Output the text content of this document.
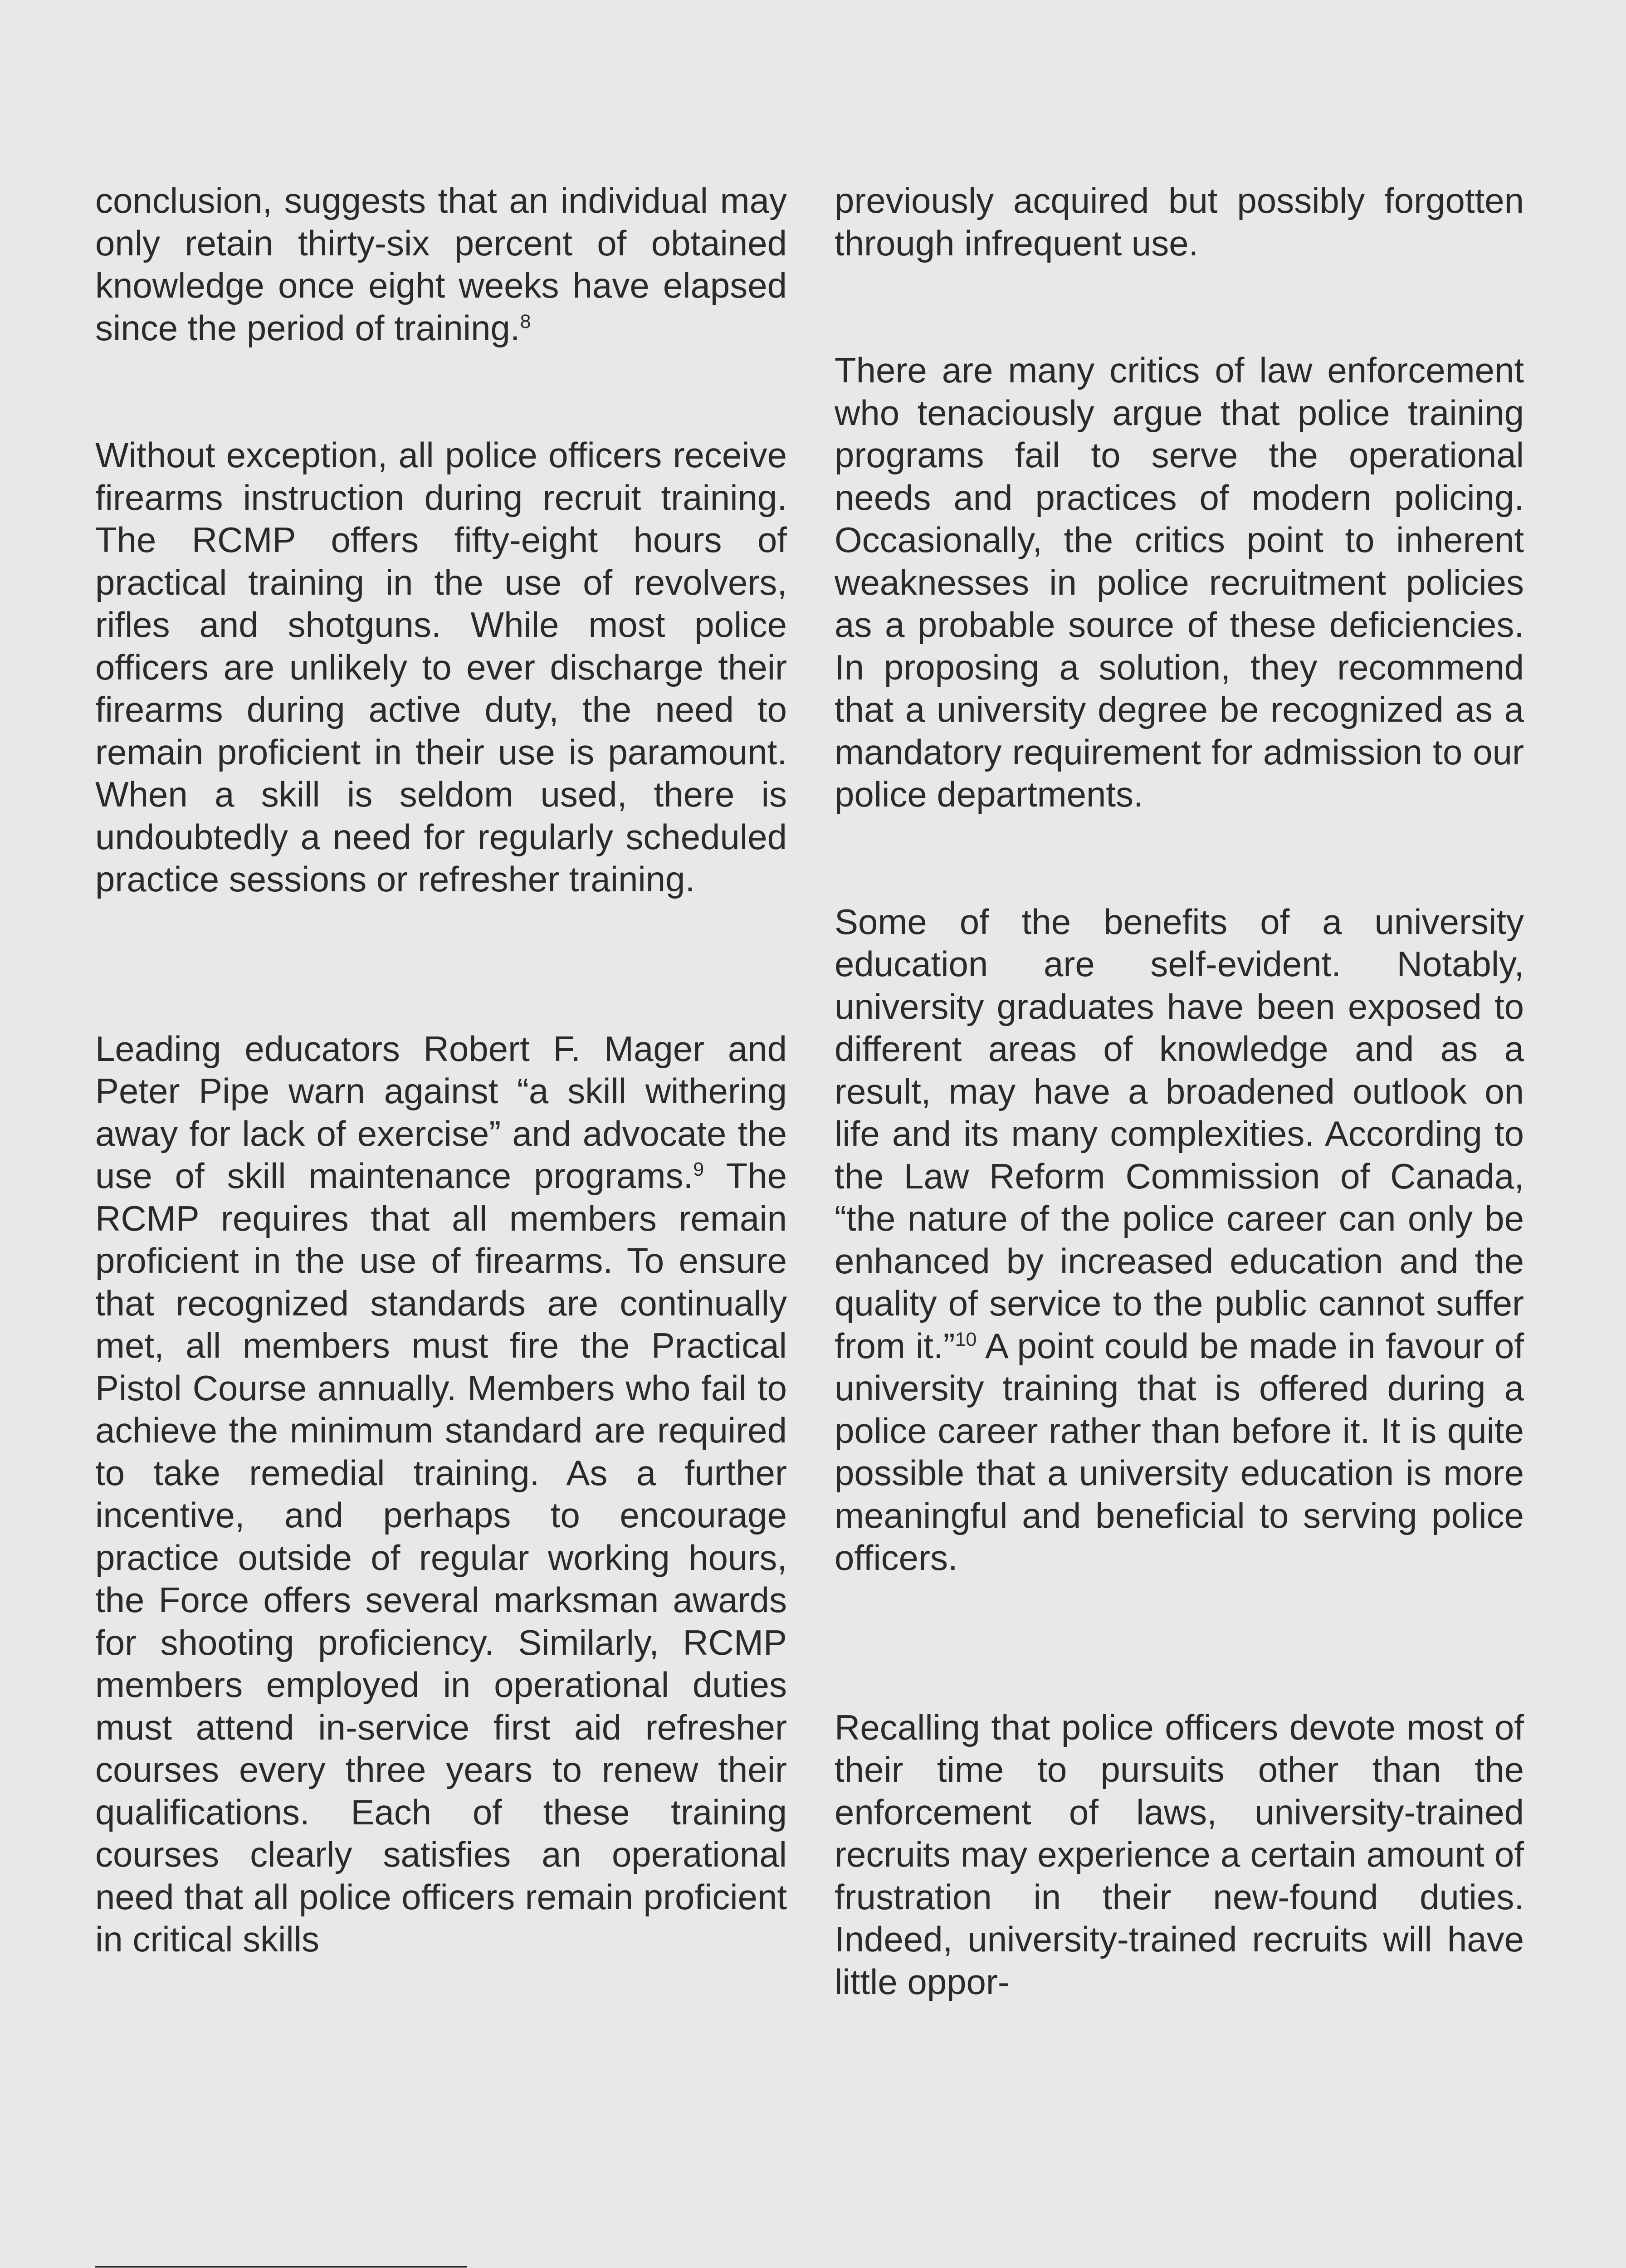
conclusion, suggests that an individual may only retain thirty-six percent of obtained knowledge once eight weeks have elapsed since the period of training.$^8$

Without exception, all police officers receive firearms instruction during recruit training. The RCMP offers fifty-eight hours of practical training in the use of revolvers, rifles and shotguns. While most police officers are unlikely to ever discharge their firearms during active duty, the need to remain proficient in their use is paramount. When a skill is seldom used, there is undoubtedly a need for regularly scheduled practice sessions or refresher training.

Leading educators Robert F. Mager and Peter Pipe warn against “a skill withering away for lack of exercise” and advocate the use of skill maintenance programs.$^9$ The RCMP requires that all members remain proficient in the use of firearms. To ensure that recognized standards are continually met, all members must fire the Practical Pistol Course annually. Members who fail to achieve the minimum standard are required to take remedial training. As a further incentive, and perhaps to encourage practice outside of regular working hours, the Force offers several marksman awards for shooting proficiency. Similarly, RCMP members employed in operational duties must attend in-service first aid refresher courses every three years to renew their qualifications. Each of these training courses clearly satisfies an operational need that all police officers remain proficient in critical skills

previously acquired but possibly forgotten through infrequent use.

There are many critics of law enforcement who tenaciously argue that police training programs fail to serve the operational needs and practices of modern policing. Occasionally, the critics point to inherent weaknesses in police recruitment policies as a probable source of these deficiencies. In proposing a solution, they recommend that a university degree be recognized as a mandatory requirement for admission to our police departments.

Some of the benefits of a university education are self-evident. Notably, university graduates have been exposed to different areas of knowledge and as a result, may have a broadened outlook on life and its many complexities. According to the Law Reform Commission of Canada, “the nature of the police career can only be enhanced by increased education and the quality of service to the public cannot suffer from it.”$^{10}$ A point could be made in favour of university training that is offered during a police career rather than before it. It is quite possible that a university education is more meaningful and beneficial to serving police officers.

Recalling that police officers devote most of their time to pursuits other than the enforcement of laws, university-trained recruits may experience a certain amount of frustration in their new-found duties. Indeed, university-trained recruits will have little oppor-
